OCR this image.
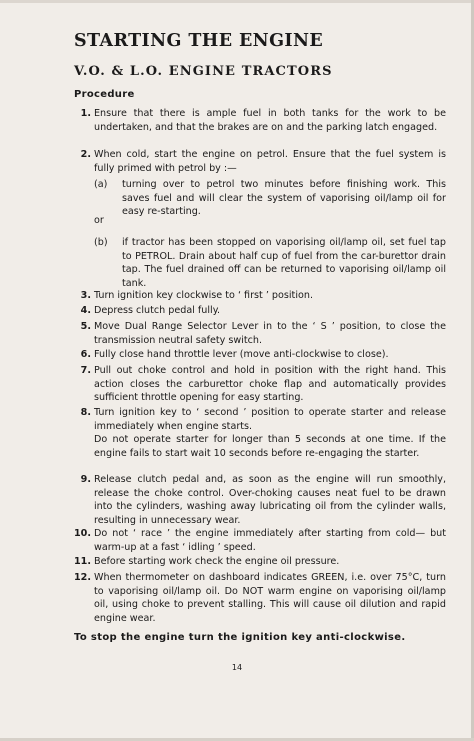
STARTING THE ENGINE
V.O. & L.O. ENGINE TRACTORS
Procedure
1. Ensure that there is ample fuel in both tanks for the work to be undertaken, and that the brakes are on and the parking latch engaged.
2. When cold, start the engine on petrol. Ensure that the fuel system is fully primed with petrol by :—
(a)	turning over to petrol two minutes before finishing work. This saves fuel and will clear the system of vaporising oil/lamp oil for easy re-starting.
or
(b)	if tractor has been stopped on vaporising oil/lamp oil, set fuel tap to PETROL. Drain about half cup of fuel from the car-burettor drain tap. The fuel drained off can be returned to vaporising oil/lamp oil tank.
3. Turn ignition key clockwise to ‘ first ’ position.
4. Depress clutch pedal fully.
5. Move Dual Range Selector Lever in to the ‘ S ’ position, to close the transmission neutral safety switch.
6. Fully close hand throttle lever (move anti-clockwise to close).
7. Pull out choke control and hold in position with the right hand. This action closes the carburettor choke flap and automatically provides sufficient throttle opening for easy starting.
8. Turn ignition key to ‘ second ’ position to operate starter and release immediately when engine starts.
Do not operate starter for longer than 5 seconds at one time. If the engine fails to start wait 10 seconds before re-engaging the starter.
9. Release clutch pedal and, as soon as the engine will run smoothly, release the choke control. Over-choking causes neat fuel to be drawn into the cylinders, washing away lubricating oil from the cylinder walls, resulting in unnecessary wear.
10. Do not ‘ race ’ the engine immediately after starting from cold— but warm-up at a fast ‘ idling ’ speed.
11. Before starting work check the engine oil pressure.
12. When thermometer on dashboard indicates GREEN, i.e. over 75°C, turn to vaporising oil/lamp oil. Do NOT warm engine on vaporising oil/lamp oil, using choke to prevent stalling. This will cause oil dilution and rapid engine wear.
To stop the engine turn the ignition key anti-clockwise.
14
